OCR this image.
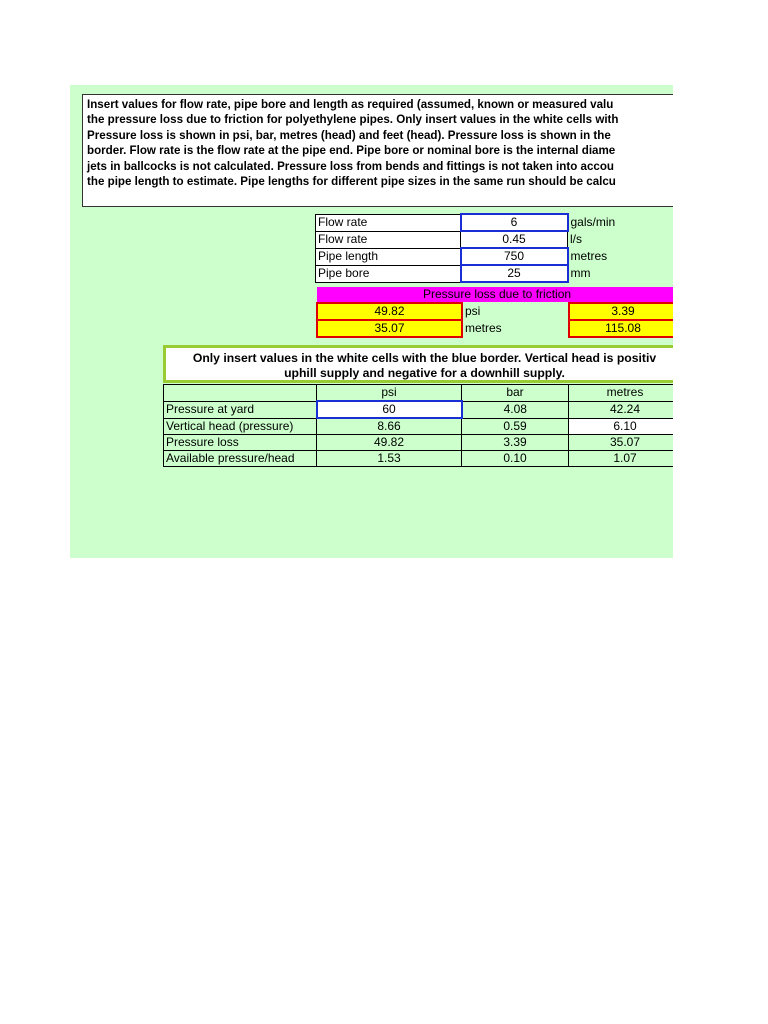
Insert values for flow rate, pipe bore and length as required (assumed, known or measured valu
the pressure loss due to friction for polyethylene pipes. Only insert values in the white cells with
Pressure loss is shown in psi, bar, metres (head) and feet (head). Pressure loss is shown in the
border. Flow rate is the flow rate at the pipe end. Pipe bore or nominal bore is the internal diame
jets in ballcocks is not calculated. Pressure loss from bends and fittings is not taken into accou
the pipe length to estimate. Pipe lengths for different pipe sizes in the same run should be calcu
Flow rate	6	gals/min
Flow rate	0.45	l/s
Pipe length	750	metres
Pipe bore	25	mm
Pressure loss due to friction		
49.82	psi	3.39
35.07	metres	115.08
Only insert values in the white cells with the blue border. Vertical head is positiv
uphill supply and negative for a downhill supply.
	psi	bar	metres
Pressure at yard	60	4.08	42.24
Vertical head (pressure)	8.66	0.59	6.10
Pressure loss	49.82	3.39	35.07
Available pressure/head	1.53	0.10	1.07
